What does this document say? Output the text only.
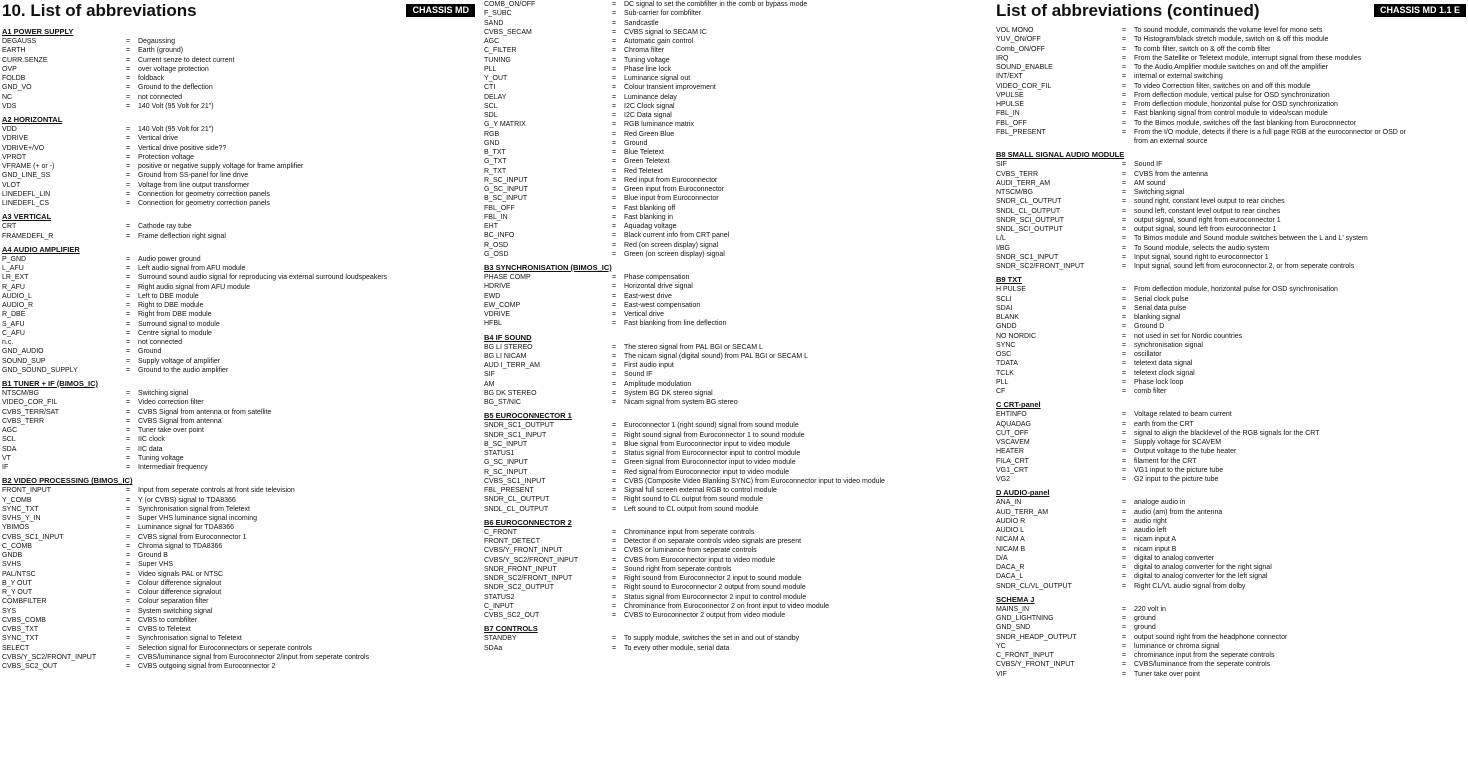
10. List of abbreviations	CHASSIS MD
A1 POWER SUPPLY
DEGAUSS	=	Degaussing
EARTH	=	Earth (ground)
CURR.SENZE	=	Current senze to detect current
OVP	=	over voltage protection
FOLDB	=	foldback
GND_VO	=	Ground to the deflection
NC	=	not connected
VDS	=	140 Volt (95 Volt for 21")
A2 HORIZONTAL
VDD	=	140 Volt (95 Volt for 21")
VDRIVE	=	Vertical drive
VDRIVE+/VO	=	Vertical drive positive side??
VPROT	=	Protection voltage
VFRAME (+ or -)	=	positive or negative supply voltage for frame amplifier
GND_LINE_SS	=	Ground from SS-panel for line drive
VLOT	=	Voltage from line output transformer
LINEDEFL_LIN	=	Connection for geometry correction panels
LINEDEFL_CS	=	Connection for geometry correction panels
A3 VERTICAL
CRT	=	Cathode ray tube
FRAMEDEFL_R	=	Frame deflection right signal
A4 AUDIO AMPLIFIER
P_GND	=	Audio power ground
L_AFU	=	Left audio signal from AFU module
LR_EXT	=	Surround sound audio signal for reproducing via external surround loudspeakers
R_AFU	=	Right audio signal from AFU module
AUDIO_L	=	Left to DBE module
AUDIO_R	=	Right to DBE module
R_DBE	=	Right from DBE module
S_AFU	=	Surround signal to module
C_AFU	=	Centre signal to module
n.c.	=	not connected
GND_AUDIO	=	Ground
SOUND_SUP	=	Supply voltage of amplifier
GND_SOUND_SUPPLY	=	Ground to the audio amplifier
B1 TUNER + IF (BIMOS_IC)
NTSCM/BG	=	Switching signal
VIDEO_COR_FIL	=	Video correction filter
CVBS_TERR/SAT	=	CVBS Signal from antenna or from satellite
CVBS_TERR	=	CVBS Signal from antenna
AGC	=	Tuner take over point
SCL	=	IIC clock
SDA	=	IIC data
VT	=	Tuning voltage
IF	=	Intermediair frequency
B2 VIDEO PROCESSING (BIMOS_IC)
FRONT_INPUT	=	Input from seperate controls at front side television
Y_COMB	=	Y (or CVBS) signal to TDA8366
SYNC_TXT	=	Synchronisation signal from Teletext
SVHS_Y_IN	=	Super VHS luminance signal incoming
YBIMOS	=	Luminance signal for TDA8366
CVBS_SC1_INPUT	=	CVBS signal from Euroconnector 1
C_COMB	=	Chroma signal to TDA8366
GNDB	=	Ground B
SVHS	=	Super VHS
PAL/NTSC	=	Video signals PAL or NTSC
B_Y OUT	=	Colour difference signalout
R_Y OUT	=	Colour difference signalout
COMBFILTER	=	Colour separation filter
SYS	=	System switching signal
CVBS_COMB	=	CVBS to combfilter
CVBS_TXT	=	CVBS to Teletext
SYNC_TXT	=	Synchronisation signal to Teletext
SELECT	=	Selection signal for Euroconnectors or seperate controls
CVBS/Y_SC2/FRONT_INPUT	=	CVBS/luminance signal from Euroconnector 2/input from seperate controls
CVBS_SC2_OUT	=	CVBS outgoing signal from Euroconnector 2
COMB_ON/OFF	=	DC signal to set the combfilter in the comb or bypass mode
F_SUBC	=	Sub-carrier for combfilter
SAND	=	Sandcastle
CVBS_SECAM	=	CVBS signal to SECAM IC
AGC	=	Automatic gain control
C_FILTER	=	Chroma filter
TUNING	=	Tuning voltage
PLL	=	Phase line lock
Y_OUT	=	Luminance signal out
CTI	=	Colour transient improvement
DELAY	=	Luminance delay
SCL	=	I2C Clock signal
SDL	=	I2C Data signal
G_Y MATRIX	=	RGB luminance matrix
RGB	=	Red Green Blue
GND	=	Ground
B_TXT	=	Blue Teletext
G_TXT	=	Green Teletext
R_TXT	=	Red Teletext
R_SC_INPUT	=	Red input from Euroconnector
G_SC_INPUT	=	Green input from Euroconnector
B_SC_INPUT	=	Blue input from Euroconnector
FBL_OFF	=	Fast blanking off
FBL_IN	=	Fast blanking in
EHT	=	Aquadag voltage
BC_INFO	=	Black current info from CRT panel
R_OSD	=	Red (on screen display) signal
G_OSD	=	Green (on screen display) signal
B3 SYNCHRONISATION (BIMOS_IC)
PHASE COMP	=	Phase compensation
HDRIVE	=	Horizontal drive signal
EWD	=	East-west drive
EW_COMP	=	East-west compensation
VDRIVE	=	Vertical drive
HFBL	=	Fast blanking from line deflection
B4 IF SOUND
BG LI STEREO	=	The stereo signal from PAL BGI or SECAM L
BG LI NICAM	=	The nicam signal (digital sound) from PAL BGI or SECAM L
AUD I_TERR_AM	=	First audio input
SIF	=	Sound IF
AM	=	Amplitude modulation
BG DK STEREO	=	System BG DK stereo signal
BG_ST/NIC	=	Nicam signal from system BG stereo
B5 EUROCONNECTOR 1
SNDR_SC1_OUTPUT	=	Euroconnector 1 (right sound) signal from sound module
SNDR_SC1_INPUT	=	Right sound signal from Euroconnector 1 to sound module
B_SC_INPUT	=	Blue signal from Euroconnector input to video module
STATUS1	=	Status signal from Euroconnector input to control module
G_SC_INPUT	=	Green signal from Euroconnector input to video module
R_SC_INPUT	=	Red signal from Euroconnector input to video module
CVBS_SC1_INPUT	=	CVBS (Composite Video Blanking SYNC) from Euroconnector input to video module
FBL_PRESENT	=	Signal full screen external RGB to control module
SNDR_CL_OUTPUT	=	Right sound to CL output from sound module
SNDL_CL_OUTPUT	=	Left sound to CL output from sound module
B6 EUROCONNECTOR 2
C_FRONT	=	Chrominance input from seperate controls
FRONT_DETECT	=	Detector if on separate controls video signals are present
CVBS/Y_FRONT_INPUT	=	CVBS or luminance from seperate controls
CVBS/Y_SC2/FRONT_INPUT	=	CVBS from Euroconnector input to video module
SNDR_FRONT_INPUT	=	Sound right from seperate controls
SNDR_SC2/FRONT_INPUT	=	Right sound from Euroconnector 2 input to sound module
SNDR_SC2_OUTPUT	=	Right sound to Euroconnector 2 output from sound module
STATUS2	=	Status signal from Euroconnector 2 input to control module
C_INPUT	=	Chrominance from Euroconnector 2 on front input to video module
CVBS_SC2_OUT	=	CVBS to Euroconnector 2 output from video module
B7 CONTROLS
STANDBY	=	To supply module, switches the set in and out of standby
SDAa	=	To every other module, serial data
List of abbreviations (continued)	CHASSIS MD 1.1 E
VOL MONO	=	To sound module, commands the volume level for mono sets
YUV_ON/OFF	=	To Histogram/black stretch module, switch on & off this module
Comb_ON/OFF	=	To comb filter, switch on & off the comb filter
IRQ	=	From the Satellite or Teletext module, interrupt signal from these modules
SOUND_ENABLE	=	To the Audio Amplifier module switches on and off the amplifier
INT/EXT	=	internal or external switching
VIDEO_COR_FIL	=	To video Correction filter, switches on and off this module
VPULSE	=	From deflection module, vertical pulse for OSD synchronization
HPULSE	=	From deflection module, horizontal pulse for OSD synchronization
FBL_IN	=	Fast blanking signal from control module to video/scan module
FBL_OFF	=	To the Bimos module, switches off the fast blanking from Euroconnector
FBL_PRESENT	=	From the I/O module, detects if there is a full page RGB at the euroconnector or OSD or
from an external source
B8 SMALL SIGNAL AUDIO MODULE
SIF	=	Sound IF
CVBS_TERR	=	CVBS from the antenna
AUDI_TERR_AM	=	AM sound
NTSCM/BG	=	Switching signal
SNDR_CL_OUTPUT	=	sound right, constant level output to rear cinches
SNDL_CL_OUTPUT	=	sound left, constant level output to rear cinches
SNDR_SCI_OUTPUT	=	output signal, sound right from euroconnector 1
SNDL_SCI_OUTPUT	=	output signal, sound left from euroconnector 1
L/L	=	To Bimos module and Sound module switches between the L and L' system
I/BG	=	To Sound module, selects the audio system
SNDR_SC1_INPUT	=	Input signal, sound right to euroconnector 1
SNDR_SC2/FRONT_INPUT	=	Input signal, sound left from euroconnector 2, or from seperate controls
B9 TXT
H PULSE	=	From deflection module, horizontal pulse for OSD synchronisation
SCLI	=	Serial clock pulse
SDAI	=	Serial data pulse
BLANK	=	blanking signal
GNDD	=	Ground D
NO NORDIC	=	not used in set for Nordic countries
SYNC	=	synchronisation signal
OSC	=	oscillator
TDATA	=	teletext data signal
TCLK	=	teletext clock signal
PLL	=	Phase lock loop
CF	=	comb filter
C CRT-panel
EHTINFO	=	Voltage related to beam current
AQUADAG	=	earth from the CRT
CUT_OFF	=	signal to align the blacklevel of the RGB signals for the CRT
VSCAVEM	=	Supply voltage for SCAVEM
HEATER	=	Output voltage to the tube heater
FILA_CRT	=	filament for the CRT
VG1_CRT	=	VG1 input to the picture tube
VG2	=	G2 input to the picture tube
D AUDIO-panel
ANA_IN	=	analoge audio in
AUD_TERR_AM	=	audio (am) from the antenna
AUDIO R	=	audio right
AUDIO L	=	aaudio left
NICAM A	=	nicam input A
NICAM B	=	nicam input B
D/A	=	digital to analog converter
DACA_R	=	digital to analog converter for the right signal
DACA_L	=	digital to analog converter for the left signal
SNDR_CL/VL_OUTPUT	=	Right CL/VL audio signal from dolby
SCHEMA J
MAINS_IN	=	220 volt in
GND_LIGHTNING	=	ground
GND_SND	=	ground
SNDR_HEADP_OUTPUT	=	output sound right from the headphone connector
YC	=	luminance or chroma signal
C_FRONT_INPUT	=	chrominance input from the seperate controls
CVBS/Y_FRONT_INPUT	=	CVBS/luminance from the seperate controls
VIF	=	Tuner take over point
